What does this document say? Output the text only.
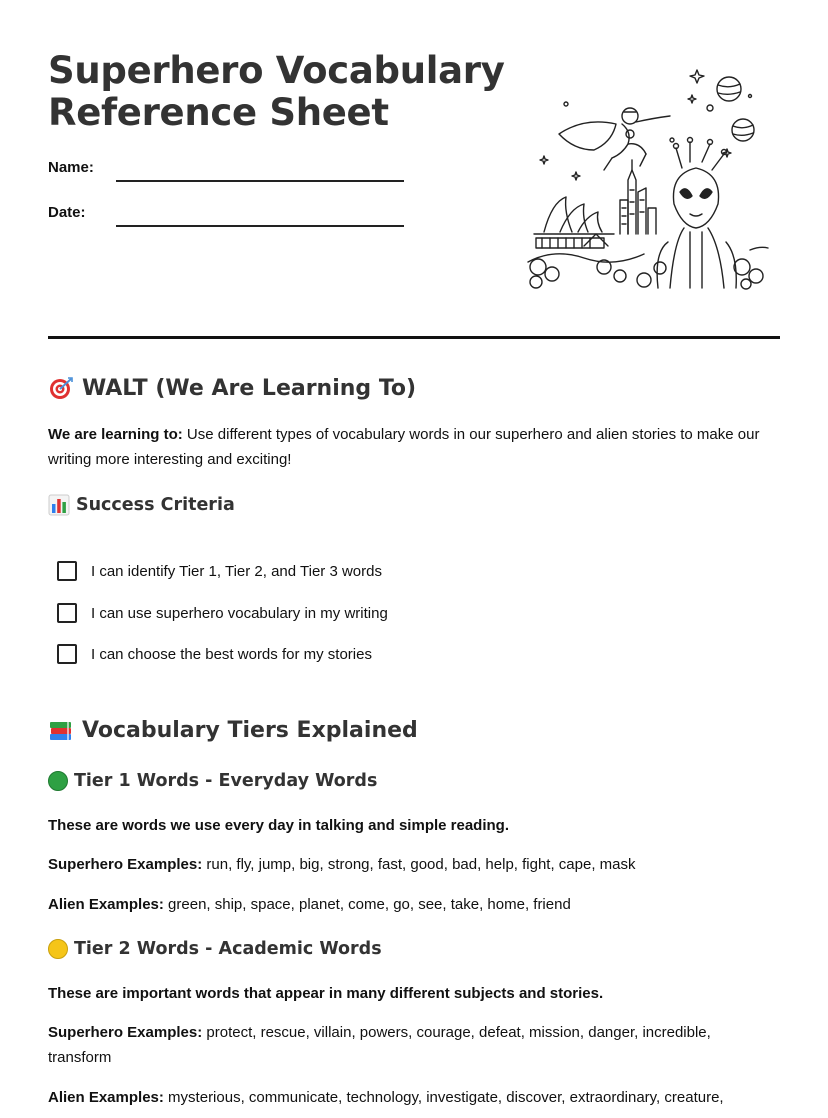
Superhero Vocabulary
Reference Sheet
Name:
Date:
WALT (We Are Learning To)

We are learning to: Use different types of vocabulary words in our superhero and alien stories to make our writing more interesting and exciting!

Success Criteria
I can identify Tier 1, Tier 2, and Tier 3 words
I can use superhero vocabulary in my writing
I can choose the best words for my stories
Vocabulary Tiers Explained
Tier 1 Words - Everyday Words

These are words we use every day in talking and simple reading.

Superhero Examples: run, fly, jump, big, strong, fast, good, bad, help, fight, cape, mask

Alien Examples: green, ship, space, planet, come, go, see, take, home, friend

Tier 2 Words - Academic Words

These are important words that appear in many different subjects and stories.

Superhero Examples: protect, rescue, villain, powers, courage, defeat, mission, danger, incredible, transform

Alien Examples: mysterious, communicate, technology, investigate, discover, extraordinary, creature,
